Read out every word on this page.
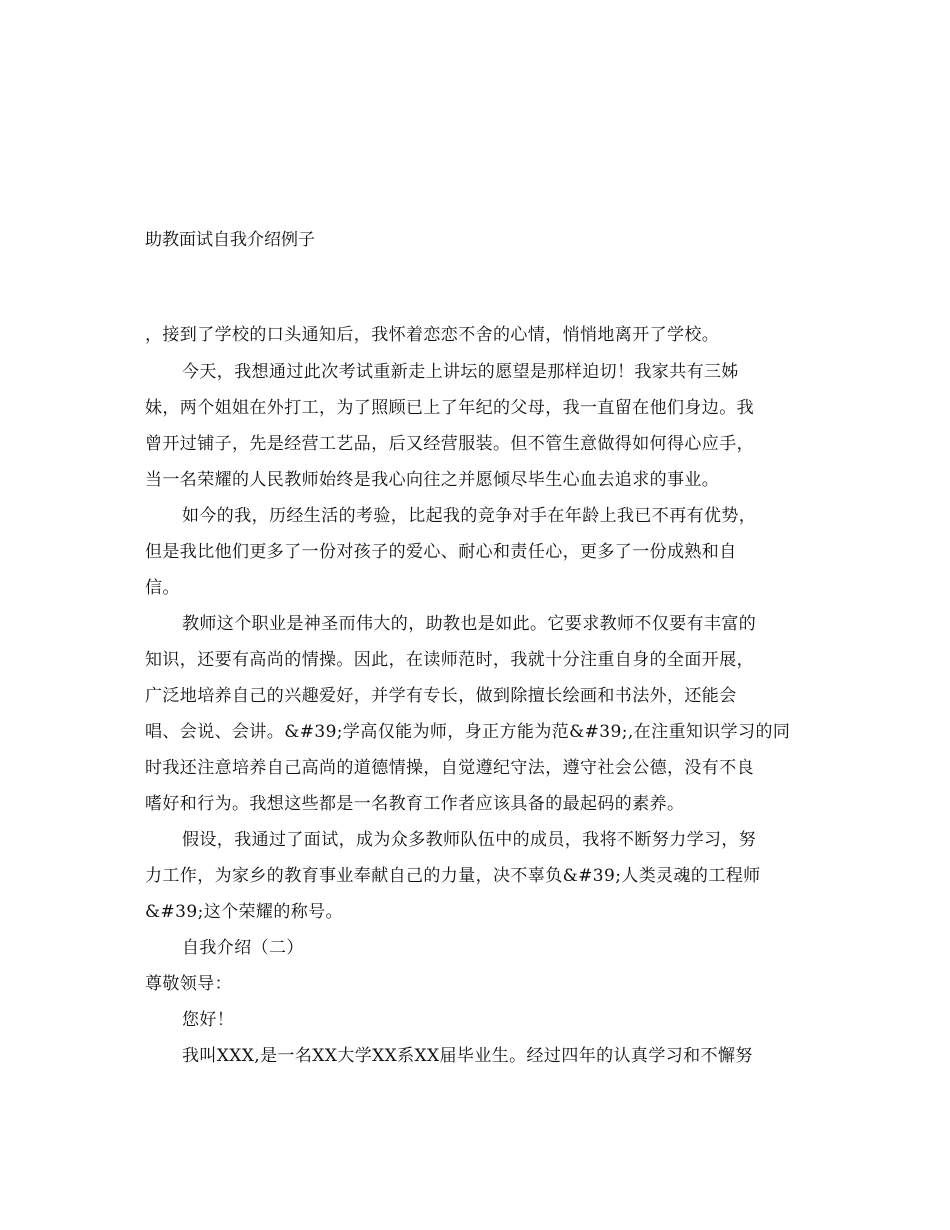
助教面试自我介绍例子
，接到了学校的口头通知后，我怀着恋恋不舍的心情，悄悄地离开了学校。
今天，我想通过此次考试重新走上讲坛的愿望是那样迫切！我家共有三姊
妹，两个姐姐在外打工，为了照顾已上了年纪的父母，我一直留在他们身边。我
曾开过铺子，先是经营工艺品，后又经营服装。但不管生意做得如何得心应手，
当一名荣耀的人民教师始终是我心向往之并愿倾尽毕生心血去追求的事业。
如今的我，历经生活的考验，比起我的竞争对手在年龄上我已不再有优势，
但是我比他们更多了一份对孩子的爱心、耐心和责任心，更多了一份成熟和自
信。
教师这个职业是神圣而伟大的，助教也是如此。它要求教师不仅要有丰富的
知识，还要有高尚的情操。因此，在读师范时，我就十分注重自身的全面开展，
广泛地培养自己的兴趣爱好，并学有专长，做到除擅长绘画和书法外，还能会
唱、会说、会讲。&#39;学高仅能为师，身正方能为范&#39;,在注重知识学习的同
时我还注意培养自己高尚的道德情操，自觉遵纪守法，遵守社会公德，没有不良
嗜好和行为。我想这些都是一名教育工作者应该具备的最起码的素养。
假设，我通过了面试，成为众多教师队伍中的成员，我将不断努力学习，努
力工作，为家乡的教育事业奉献自己的力量，决不辜负&#39;人类灵魂的工程师
&#39;这个荣耀的称号。
自我介绍（二）
尊敬领导：
您好！
我叫XXX,是一名XX大学XX系XX届毕业生。经过四年的认真学习和不懈努
